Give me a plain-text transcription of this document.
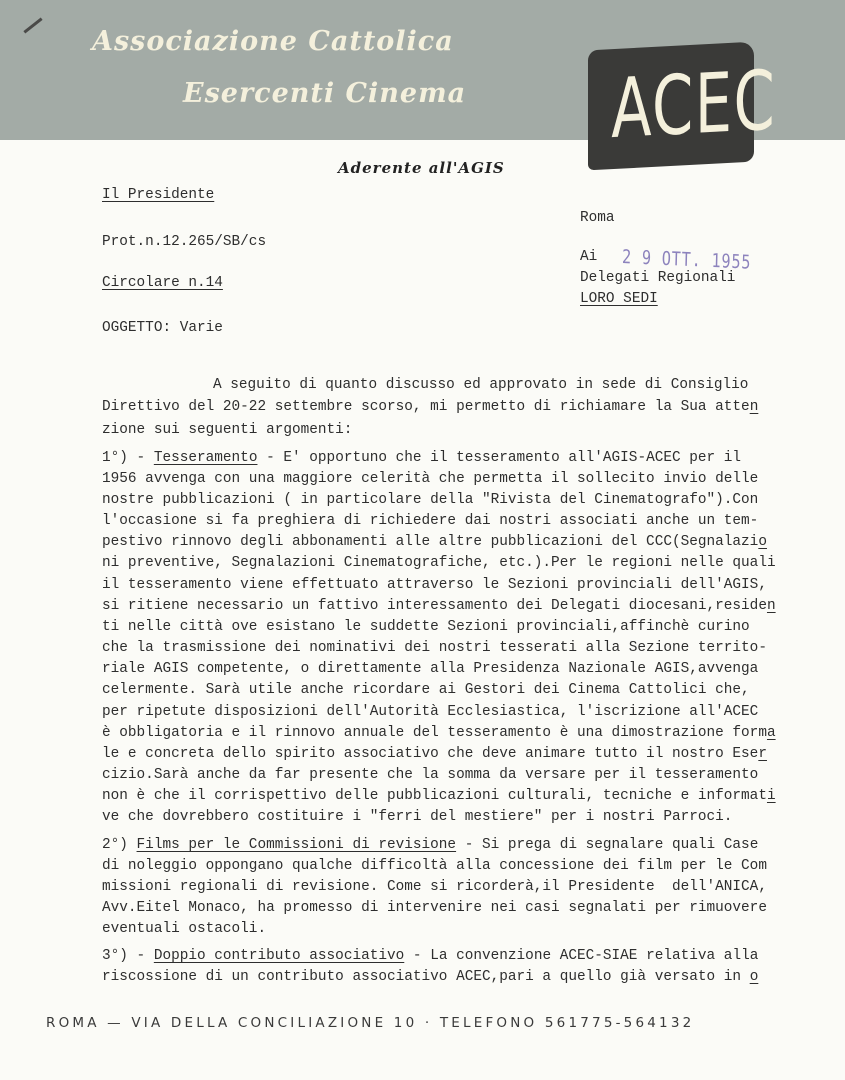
Associazione Cattolica
Esercenti Cinema ACEC
Aderente all'AGIS
Il Presidente
Prot.n.12.265/SB/cs
Circolare n.14
OGGETTO: Varie
Roma
Ai 2 9 OTT. 1955
Delegati Regionali
LORO SEDI
A seguito di quanto discusso ed approvato in sede di Consiglio
Direttivo del 20-22 settembre scorso, mi permetto di richiamare la Sua atten
zione sui seguenti argomenti:
1°) - Tesseramento - E' opportuno che il tesseramento all'AGIS-ACEC per il
1956 avvenga con una maggiore celerità che permetta il sollecito invio delle
nostre pubblicazioni ( in particolare della "Rivista del Cinematografo").Con
l'occasione si fa preghiera di richiedere dai nostri associati anche un tem-
pestivo rinnovo degli abbonamenti alle altre pubblicazioni del CCC(Segnalazio
ni preventive, Segnalazioni Cinematografiche, etc.).Per le regioni nelle quali
il tesseramento viene effettuato attraverso le Sezioni provinciali dell'AGIS,
si ritiene necessario un fattivo interessamento dei Delegati diocesani,residen
ti nelle città ove esistano le suddette Sezioni provinciali,affinchè curino
che la trasmissione dei nominativi dei nostri tesserati alla Sezione territo-
riale AGIS competente, o direttamente alla Presidenza Nazionale AGIS,avvenga
celermente. Sarà utile anche ricordare ai Gestori dei Cinema Cattolici che,
per ripetute disposizioni dell'Autorità Ecclesiastica, l'iscrizione all'ACEC
è obbligatoria e il rinnovo annuale del tesseramento è una dimostrazione forma
le e concreta dello spirito associativo che deve animare tutto il nostro Eser
cizio.Sarà anche da far presente che la somma da versare per il tesseramento
non è che il corrispettivo delle pubblicazioni culturali, tecniche e informati
ve che dovrebbero costituire i "ferri del mestiere" per i nostri Parroci.
2°) Films per le Commissioni di revisione - Si prega di segnalare quali Case
di noleggio oppongano qualche difficoltà alla concessione dei film per le Com
missioni regionali di revisione. Come si ricorderà,il Presidente  dell'ANICA,
Avv.Eitel Monaco, ha promesso di intervenire nei casi segnalati per rimuovere
eventuali ostacoli.
3°) - Doppio contributo associativo - La convenzione ACEC-SIAE relativa alla
riscossione di un contributo associativo ACEC,pari a quello già versato in o
ROMA — VIA DELLA CONCILIAZIONE 10 · TELEFONO 561775-564132
